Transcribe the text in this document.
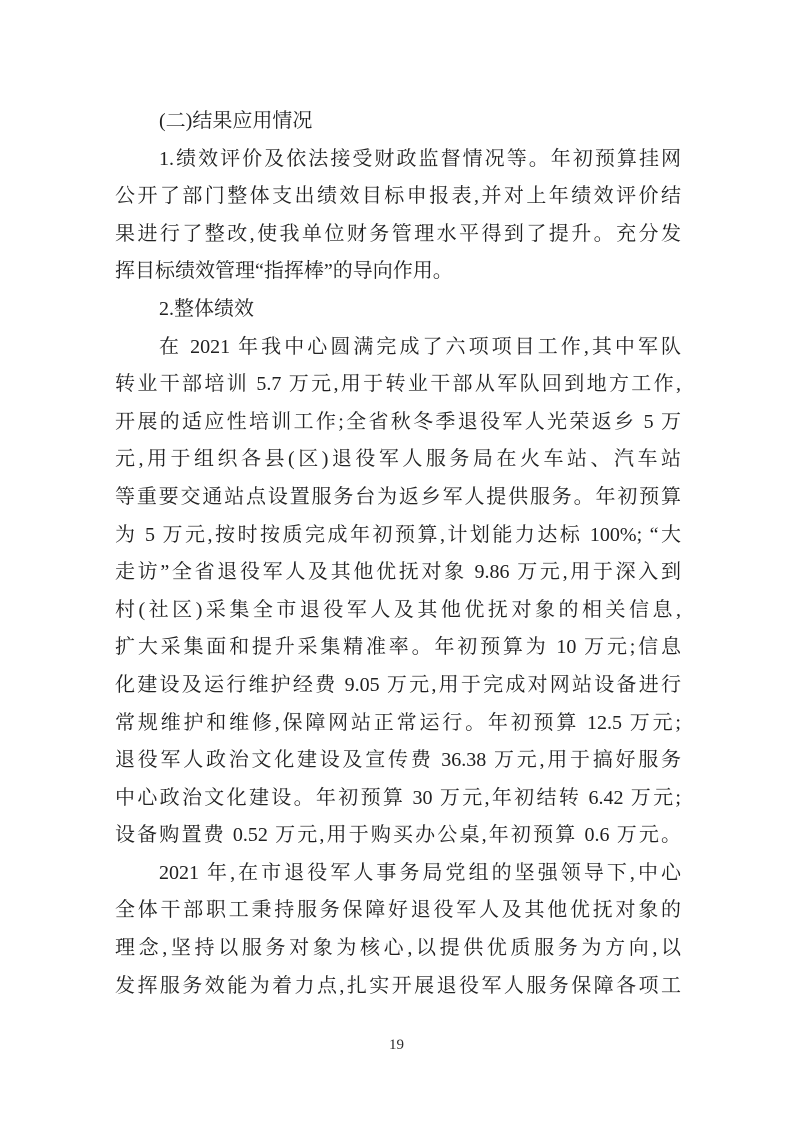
(二)结果应用情况
1.绩效评价及依法接受财政监督情况等。年初预算挂网
公开了部门整体支出绩效目标申报表,并对上年绩效评价结
果进行了整改,使我单位财务管理水平得到了提升。充分发
挥目标绩效管理“指挥棒”的导向作用。
2.整体绩效
在 2021 年我中心圆满完成了六项项目工作,其中军队
转业干部培训 5.7 万元,用于转业干部从军队回到地方工作,
开展的适应性培训工作;全省秋冬季退役军人光荣返乡 5 万
元,用于组织各县(区)退役军人服务局在火车站、汽车站
等重要交通站点设置服务台为返乡军人提供服务。年初预算
为 5 万元,按时按质完成年初预算,计划能力达标 100%; “大
走访”全省退役军人及其他优抚对象 9.86 万元,用于深入到
村(社区)采集全市退役军人及其他优抚对象的相关信息,
扩大采集面和提升采集精准率。年初预算为 10 万元;信息
化建设及运行维护经费 9.05 万元,用于完成对网站设备进行
常规维护和维修,保障网站正常运行。年初预算 12.5 万元;
退役军人政治文化建设及宣传费 36.38 万元,用于搞好服务
中心政治文化建设。年初预算 30 万元,年初结转 6.42 万元;
设备购置费 0.52 万元,用于购买办公桌,年初预算 0.6 万元。
2021 年,在市退役军人事务局党组的坚强领导下,中心
全体干部职工秉持服务保障好退役军人及其他优抚对象的
理念,坚持以服务对象为核心,以提供优质服务为方向,以
发挥服务效能为着力点,扎实开展退役军人服务保障各项工
19
